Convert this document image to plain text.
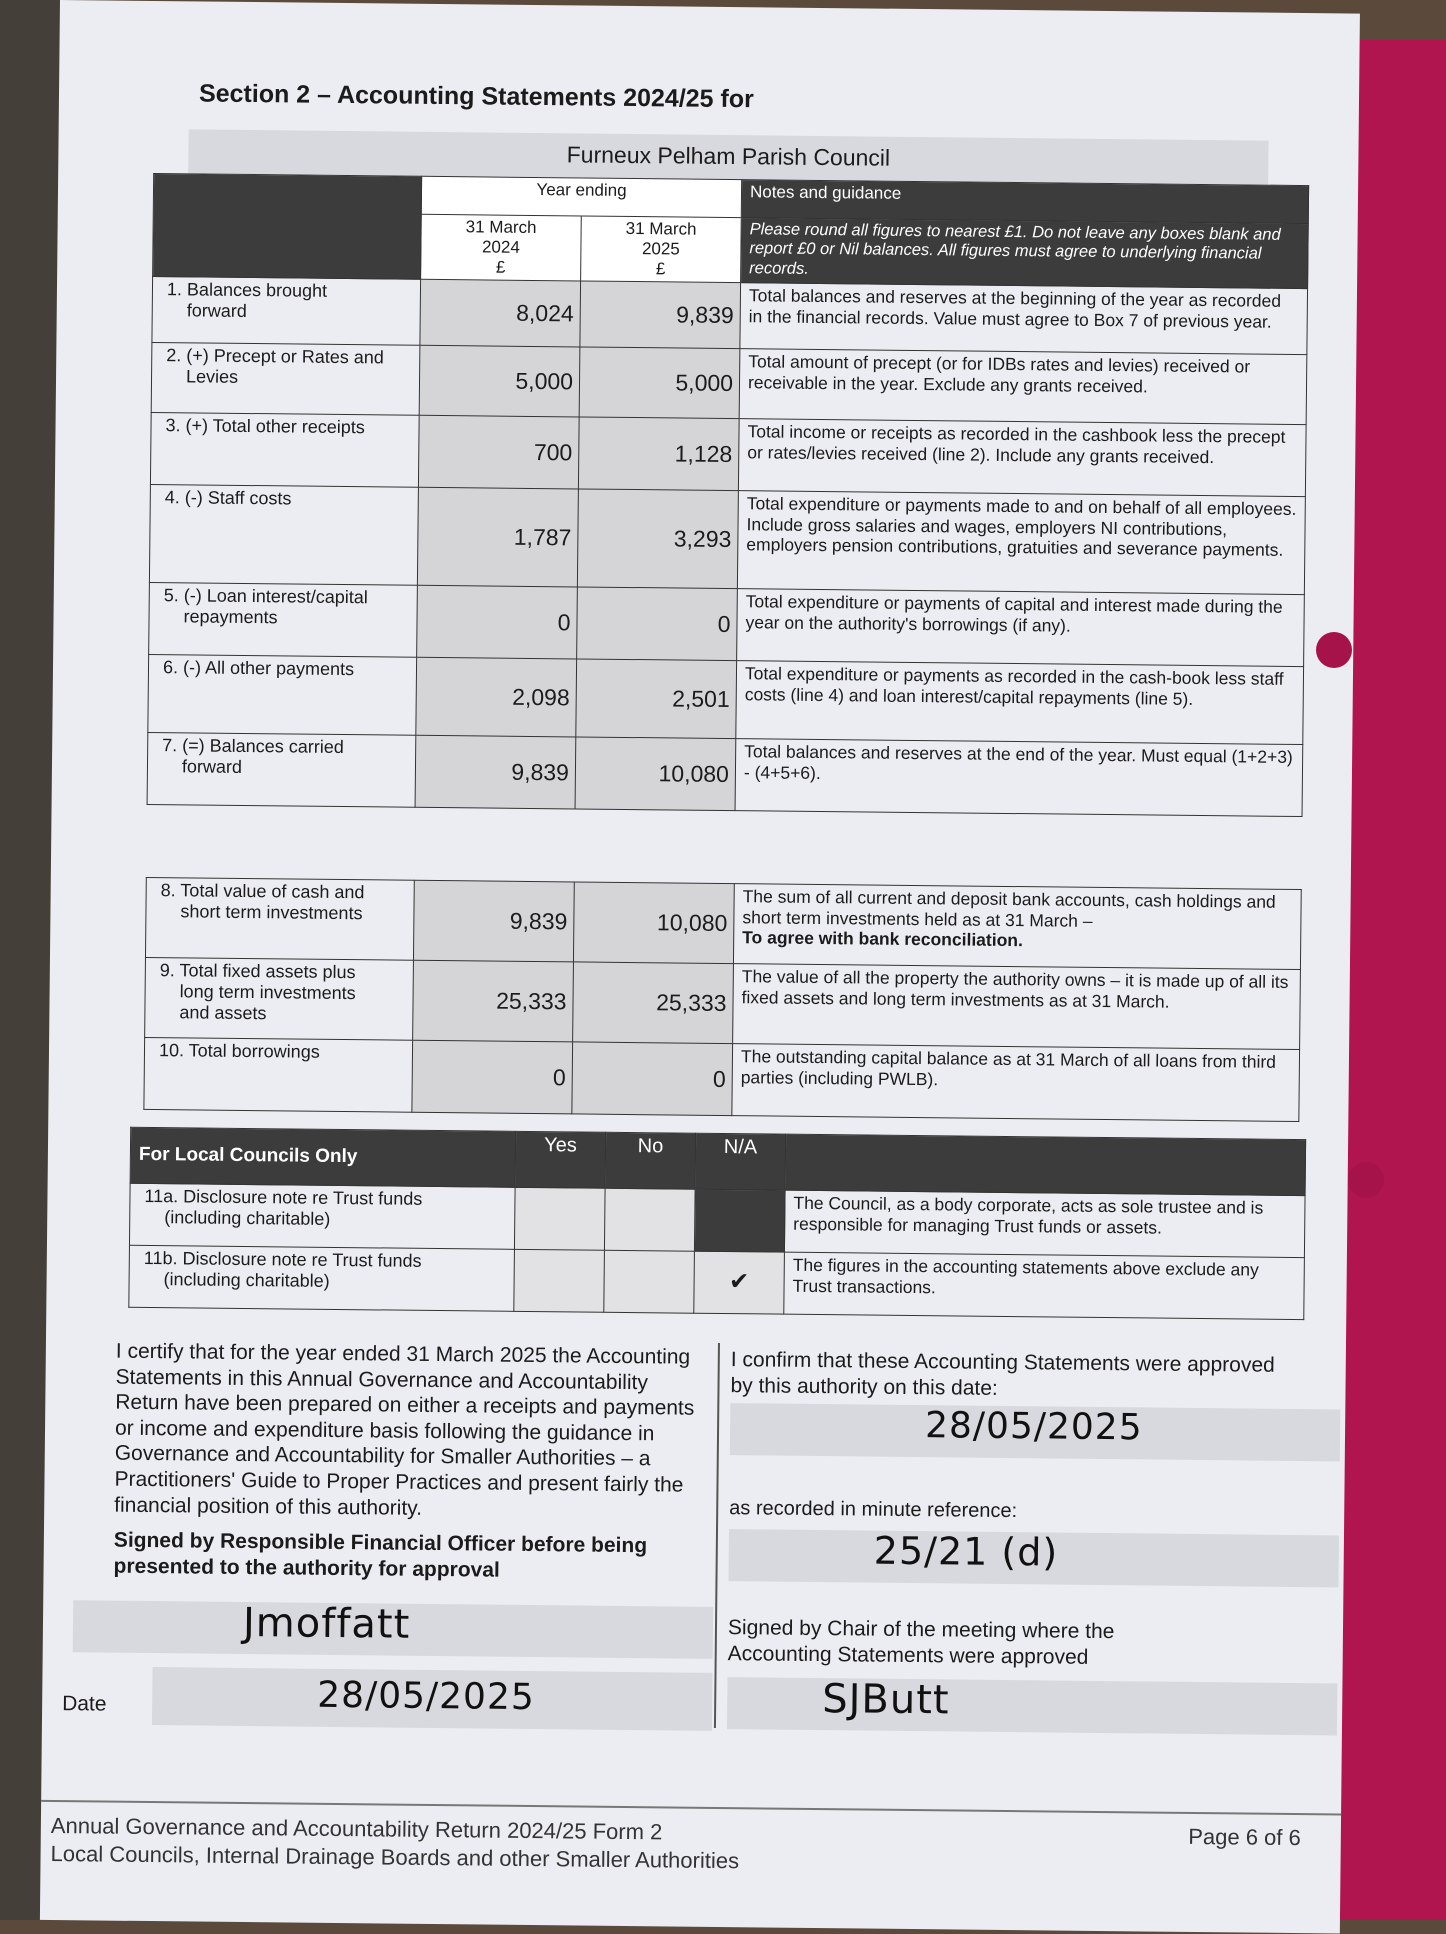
Section 2 – Accounting Statements 2024/25 for
Furneux Pelham Parish Council
	Year ending		Notes and guidance
	31 March
2024
£	31 March
2025
£	Please round all figures to nearest £1. Do not leave any boxes blank and report £0 or Nil balances. All figures must agree to underlying financial records.
1. Balances brought
forward	8,024	9,839	Total balances and reserves at the beginning of the year as recorded in the financial records. Value must agree to Box 7 of previous year.
2. (+) Precept or Rates and
Levies	5,000	5,000	Total amount of precept (or for IDBs rates and levies) received or receivable in the year. Exclude any grants received.
3. (+) Total other receipts	700	1,128	Total income or receipts as recorded in the cashbook less the precept or rates/levies received (line 2). Include any grants received.
4. (-) Staff costs	1,787	3,293	Total expenditure or payments made to and on behalf of all employees. Include gross salaries and wages, employers NI contributions, employers pension contributions, gratuities and severance payments.
5. (-) Loan interest/capital
repayments	0	0	Total expenditure or payments of capital and interest made during the year on the authority's borrowings (if any).
6. (-) All other payments	2,098	2,501	Total expenditure or payments as recorded in the cash-book less staff costs (line 4) and loan interest/capital repayments (line 5).
7. (=) Balances carried
forward	9,839	10,080	Total balances and reserves at the end of the year. Must equal (1+2+3) - (4+5+6).
8. Total value of cash and
short term investments	9,839	10,080	The sum of all current and deposit bank accounts, cash holdings and short term investments held as at 31 March –
To agree with bank reconciliation.
9. Total fixed assets plus
long term investments
and assets	25,333	25,333	The value of all the property the authority owns – it is made up of all its fixed assets and long term investments as at 31 March.
10. Total borrowings	0	0	The outstanding capital balance as at 31 March of all loans from third parties (including PWLB).
For Local Councils Only	Yes	No	N/A	
11a. Disclosure note re Trust funds
(including charitable)				The Council, as a body corporate, acts as sole trustee and is responsible for managing Trust funds or assets.
11b. Disclosure note re Trust funds
(including charitable)			✔	The figures in the accounting statements above exclude any Trust transactions.
I certify that for the year ended 31 March 2025 the Accounting Statements in this Annual Governance and Accountability Return have been prepared on either a receipts and payments or income and expenditure basis following the guidance in Governance and Accountability for Smaller Authorities – a Practitioners' Guide to Proper Practices and present fairly the financial position of this authority.
Signed by Responsible Financial Officer before being presented to the authority for approval
Jmoffatt
Date	28/05/2025
I confirm that these Accounting Statements were approved by this authority on this date:
28/05/2025
as recorded in minute reference:
25/21 (d)
Signed by Chair of the meeting where the Accounting Statements were approved
SJButt
Annual Governance and Accountability Return 2024/25 Form 2
Local Councils, Internal Drainage Boards and other Smaller Authorities
Page 6 of 6
